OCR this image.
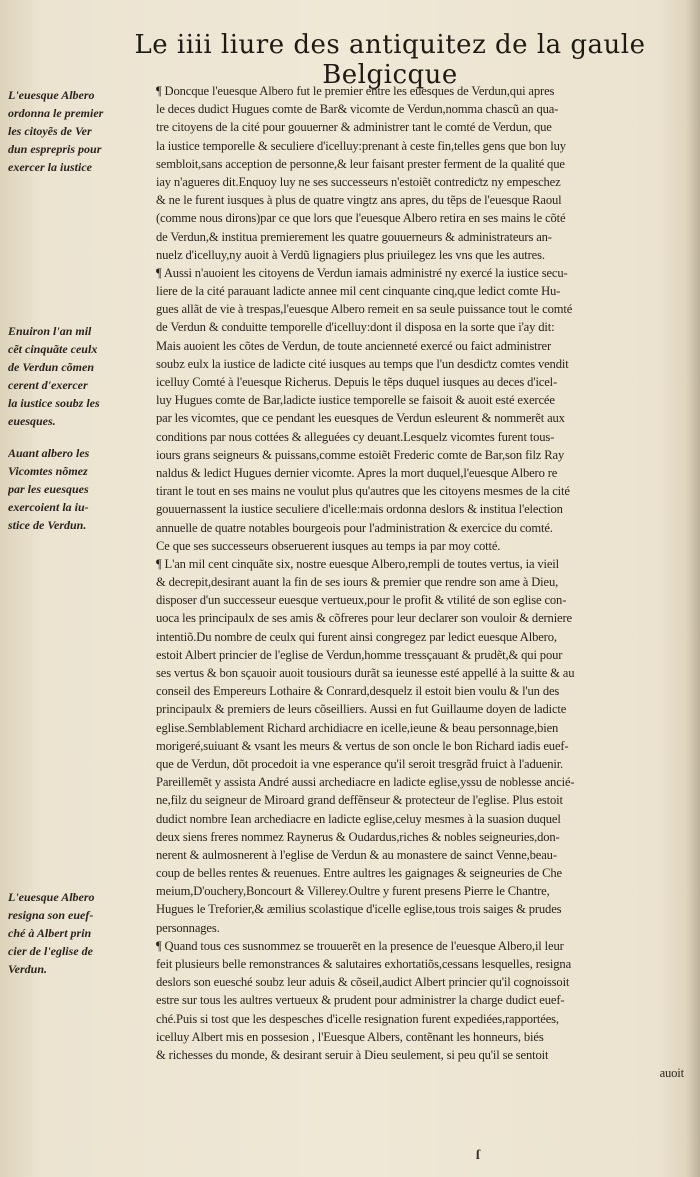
Le iiii liure des antiquitez de la gaule Belgicque
L'euesque Albero
ordonna le premier
les citoyẽs de Ver
dun esprepris pour
exercer la iustice
Enuiron l'an mil
cẽt cinquãte ceulx
de Verdun cõmen
cerent d'exercer
la iustice soubz les
euesques.
Auant albero les
Vicomtes nõmez
par les euesques
exercoient la iu-
stice de Verdun.
L'euesque Albero
resigna son euef-
ché à Albert prin
cier de l'eglise de
Verdun.
¶ Doncque l'euesque Albero fut le premier entre les euesques de Verdun,qui apres
le deces dudict Hugues comte de Bar& vicomte de Verdun,nomma chascũ an qua-
tre citoyens de la cité pour gouuerner & administrer tant le comté de Verdun, que
la iustice temporelle & seculiere d'icelluy:prenant à ceste fin,telles gens que bon luy
sembloit,sans acception de personne,& leur faisant prester ferment de la qualité que
iay n'agueres dit.Enquoy luy ne ses successeurs n'estoiẽt contrediƈtz ny empeschez
& ne le furent iusques à plus de quatre vingtz ans apres, du tẽps de l'euesque Raoul
(comme nous dirons)par ce que lors que l'euesque Albero retira en ses mains le cõté
de Verdun,& institua premierement les quatre gouuerneurs & administrateurs an-
nuelz d'icelluy,ny auoit à Verdũ lignagiers plus priuilegez les vns que les autres.
¶ Aussi n'auoient les citoyens de Verdun iamais administré ny exercé la iustice secu-
liere de la cité parauant ladicte annee mil cent cinquante cinq,que ledict comte Hu-
gues allãt de vie à trespas,l'euesque Albero remeit en sa seule puissance tout le comté
de Verdun & conduitte temporelle d'icelluy:dont il disposa en la sorte que i'ay dit:
Mais auoient les cõtes de Verdun, de toute ancienneté exercé ou faict administrer
soubz eulx la iustice de ladicte cité iusques au temps que l'un desdiƈtz comtes vendit
icelluy Comté à l'euesque Richerus. Depuis le tẽps duquel iusques au deces d'icel-
luy Hugues comte de Bar,ladicte iustice temporelle se faisoit & auoit esté exercée
par les vicomtes, que ce pendant les euesques de Verdun esleurent & nommerẽt aux
conditions par nous cottées & alleguées cy deuant.Lesquelz vicomtes furent tous-
iours grans seigneurs & puissans,comme estoiẽt Frederic comte de Bar,son filz Ray
naldus & ledict Hugues dernier vicomte. Apres la mort duquel,l'euesque Albero re
tirant le tout en ses mains ne voulut plus qu'autres que les citoyens mesmes de la cité
gouuernassent la iustice seculiere d'icelle:mais ordonna deslors & institua l'election
annuelle de quatre notables bourgeois pour l'administration & exercice du comté.
Ce que ses successeurs obseruerent iusques au temps ia par moy cotté.
¶ L'an mil cent cinquãte six, nostre euesque Albero,rempli de toutes vertus, ia vieil
& decrepit,desirant auant la fin de ses iours & premier que rendre son ame à Dieu,
disposer d'un successeur euesque vertueux,pour le profit & vtilité de son eglise con-
uoca les principaulx de ses amis & cõfreres pour leur declarer son vouloir & derniere
intentiõ.Du nombre de ceulx qui furent ainsi congregez par ledict euesque Albero,
estoit Albert princier de l'eglise de Verdun,homme tressçauant & prudẽt,& qui pour
ses vertus & bon sçauoir auoit tousiours durãt sa ieunesse esté appellé à la suitte & au
conseil des Empereurs Lothaire & Conrard,desquelz il estoit bien voulu & l'un des
principaulx & premiers de leurs cõseilliers. Aussi en fut Guillaume doyen de ladicte
eglise.Semblablement Richard archidiacre en icelle,ieune & beau personnage,bien
morigeré,suiuant & vsant les meurs & vertus de son oncle le bon Richard iadis euef-
que de Verdun, dõt procedoit ia vne esperance qu'il seroit tresgrãd fruict à l'aduenir.
Pareillemẽt y assista André aussi archediacre en ladicte eglise,yssu de noblesse ancié-
ne,filz du seigneur de Miroard grand deffẽnseur & protecteur de l'eglise. Plus estoit
dudict nombre Iean archediacre en ladicte eglise,celuy mesmes à la suasion duquel
deux siens freres nommez Raynerus & Oudardus,riches & nobles seigneuries,don-
nerent & aulmosnerent à l'eglise de Verdun & au monastere de sainct Venne,beau-
coup de belles rentes & reuenues. Entre aultres les gaignages & seigneuries de Che
meium,D'ouchery,Boncourt & Villerey.Oultre y furent presens Pierre le Chantre,
Hugues le Treforier,& æmilius scolastique d'icelle eglise,tous trois saiges & prudes
personnages.
¶ Quand tous ces susnommez se trouuerẽt en la presence de l'euesque Albero,il leur
feit plusieurs belle remonstrances & salutaires exhortatiõs,cessans lesquelles, resigna
deslors son euesché soubz leur aduis & cõseil,audict Albert princier qu'il cognoissoit
estre sur tous les aultres vertueux & prudent pour administrer la charge dudict euef-
ché.Puis si tost que les despesches d'icelle resignation furent expediées,rapportées,
icelluy Albert mis en possesion , l'Euesque Albers, contẽnant les honneurs, biés
& richesses du monde, & desirant seruir à Dieu seulement, si peu qu'il se sentoit
auoit
ſ
